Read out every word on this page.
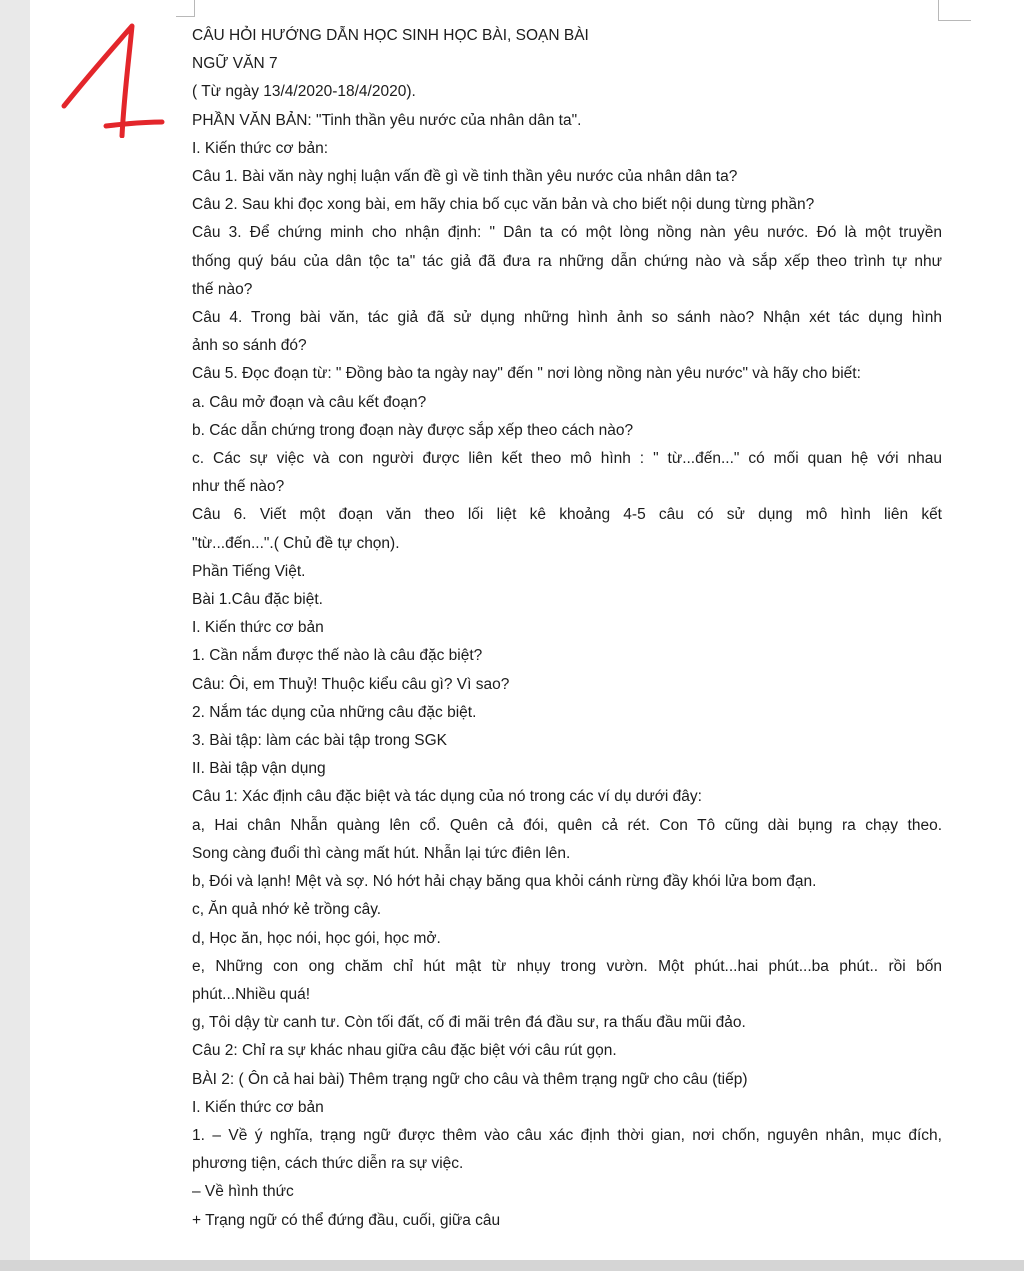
CÂU HỎI HƯỚNG DẪN HỌC SINH HỌC BÀI, SOẠN BÀI
NGỮ VĂN 7
( Từ ngày 13/4/2020-18/4/2020).
PHẦN VĂN BẢN: "Tinh thần yêu nước của nhân dân ta".
I. Kiến thức cơ bản:
Câu 1. Bài văn này nghị luận vấn đề gì về tinh thần yêu nước của nhân dân ta?
Câu 2. Sau khi đọc xong bài, em hãy chia bố cục văn bản và cho biết nội dung từng phần?
Câu 3. Để chứng minh cho nhận định: " Dân ta có một lòng nồng nàn yêu nước. Đó là một truyền
thống quý báu của dân tộc ta" tác giả đã đưa ra những dẫn chứng nào và sắp xếp theo trình tự như
thế nào?
Câu 4. Trong bài văn, tác giả đã sử dụng những hình ảnh so sánh nào? Nhận xét tác dụng hình
ảnh so sánh đó?
Câu 5. Đọc đoạn từ: " Đồng bào ta ngày nay" đến " nơi lòng nồng nàn yêu nước" và hãy cho biết:
a. Câu mở đoạn và câu kết đoạn?
b. Các dẫn chứng trong đoạn này được sắp xếp theo cách nào?
c. Các sự việc và con người được liên kết theo mô hình : " từ...đến..." có mối quan hệ với nhau
như thế nào?
Câu 6. Viết một đoạn văn theo lối liệt kê khoảng 4-5 câu có sử dụng mô hình liên kết
"từ...đến...".( Chủ đề tự chọn).
Phần Tiếng Việt.
Bài 1.Câu đặc biệt.
I. Kiến thức cơ bản
1. Cần nắm được thế nào là câu đặc biệt?
Câu: Ôi, em Thuỷ! Thuộc kiểu câu gì? Vì sao?
2. Nắm tác dụng của những câu đặc biệt.
3. Bài tập: làm các bài tập trong SGK
II. Bài tập vận dụng
Câu 1: Xác định câu đặc biệt và tác dụng của nó trong các ví dụ dưới đây:
a, Hai chân Nhẫn quàng lên cổ. Quên cả đói, quên cả rét. Con Tô cũng dài bụng ra chạy theo.
Song càng đuổi thì càng mất hút. Nhẫn lại tức điên lên.
b, Đói và lạnh! Mệt và sợ. Nó hớt hải chạy băng qua khỏi cánh rừng đầy khói lửa bom đạn.
c, Ăn quả nhớ kẻ trồng cây.
d, Học ăn, học nói, học gói, học mở.
e, Những con ong chăm chỉ hút mật từ nhụy trong vườn. Một phút...hai phút...ba phút.. rồi bốn
phút...Nhiều quá!
g, Tôi dậy từ canh tư. Còn tối đất, cố đi mãi trên đá đầu sư, ra thấu đầu mũi đảo.
Câu 2: Chỉ ra sự khác nhau giữa câu đặc biệt với câu rút gọn.
BÀI 2: ( Ôn cả hai bài) Thêm trạng ngữ cho câu và thêm trạng ngữ cho câu (tiếp)
I. Kiến thức cơ bản
1. – Về ý nghĩa, trạng ngữ được thêm vào câu xác định thời gian, nơi chốn, nguyên nhân, mục đích,
phương tiện, cách thức diễn ra sự việc.
– Về hình thức
+ Trạng ngữ có thể đứng đầu, cuối, giữa câu
